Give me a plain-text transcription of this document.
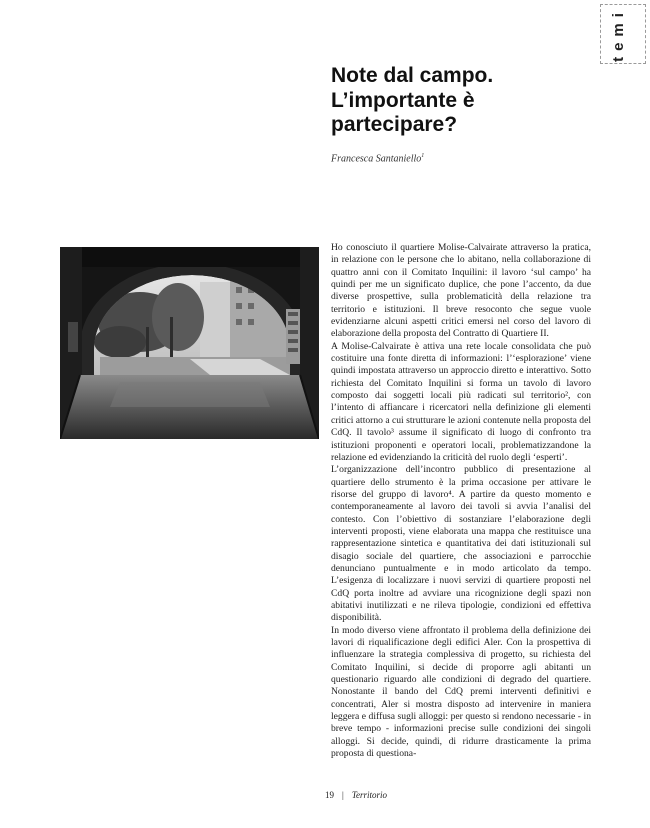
temi
Note dal campo. L’importante è partecipare?
Francesca Santaniello$^1$

Ho conosciuto il quartiere Molise-Calvairate attraverso la pratica, in relazione con le persone che lo abitano, nella collaborazione di quattro anni con il Comitato Inquilini: il lavoro ‘sul campo’ ha quindi per me un significato duplice, che pone l’accento, da due diverse prospettive, sulla problematicità della relazione tra territorio e istituzioni. Il breve resoconto che segue vuole evidenziarne alcuni aspetti critici emersi nel corso del lavoro di elaborazione della proposta del Contratto di Quartiere II.

A Molise-Calvairate è attiva una rete locale consolidata che può costituire una fonte diretta di informazioni: l’‘esplorazione’ viene quindi impostata attraverso un approccio diretto e interattivo. Sotto richiesta del Comitato Inquilini si forma un tavolo di lavoro composto dai soggetti locali più radicati sul territorio², con l’intento di affiancare i ricercatori nella definizione gli elementi critici attorno a cui strutturare le azioni contenute nella proposta del CdQ. Il tavolo³ assume il significato di luogo di confronto tra istituzioni proponenti e operatori locali, problematizzandone la relazione ed evidenziando la criticità del ruolo degli ‘esperti’.

L’organizzazione dell’incontro pubblico di presentazione al quartiere dello strumento è la prima occasione per attivare le risorse del gruppo di lavoro⁴. A partire da questo momento e contemporaneamente al lavoro dei tavoli si avvia l’analisi del contesto. Con l’obiettivo di sostanziare l’elaborazione degli interventi proposti, viene elaborata una mappa che restituisce una rappresentazione sintetica e quantitativa dei dati istituzionali sul disagio sociale del quartiere, che associazioni e parrocchie denunciano puntualmente e in modo articolato da tempo. L’esigenza di localizzare i nuovi servizi di quartiere proposti nel CdQ porta inoltre ad avviare una ricognizione degli spazi non abitativi inutilizzati e ne rileva tipologie, condizioni ed effettiva disponibilità.

In modo diverso viene affrontato il problema della definizione dei lavori di riqualificazione degli edifici Aler. Con la prospettiva di influenzare la strategia complessiva di progetto, su richiesta del Comitato Inquilini, si decide di proporre agli abitanti un questionario riguardo alle condizioni di degrado del quartiere. Nonostante il bando del CdQ premi interventi definitivi e concentrati, Aler si mostra disposto ad intervenire in maniera leggera e diffusa sugli alloggi: per questo si rendono necessarie - in breve tempo - informazioni precise sulle condizioni dei singoli alloggi. Si decide, quindi, di ridurre drasticamente la prima proposta di questiona-

19 | Territorio
